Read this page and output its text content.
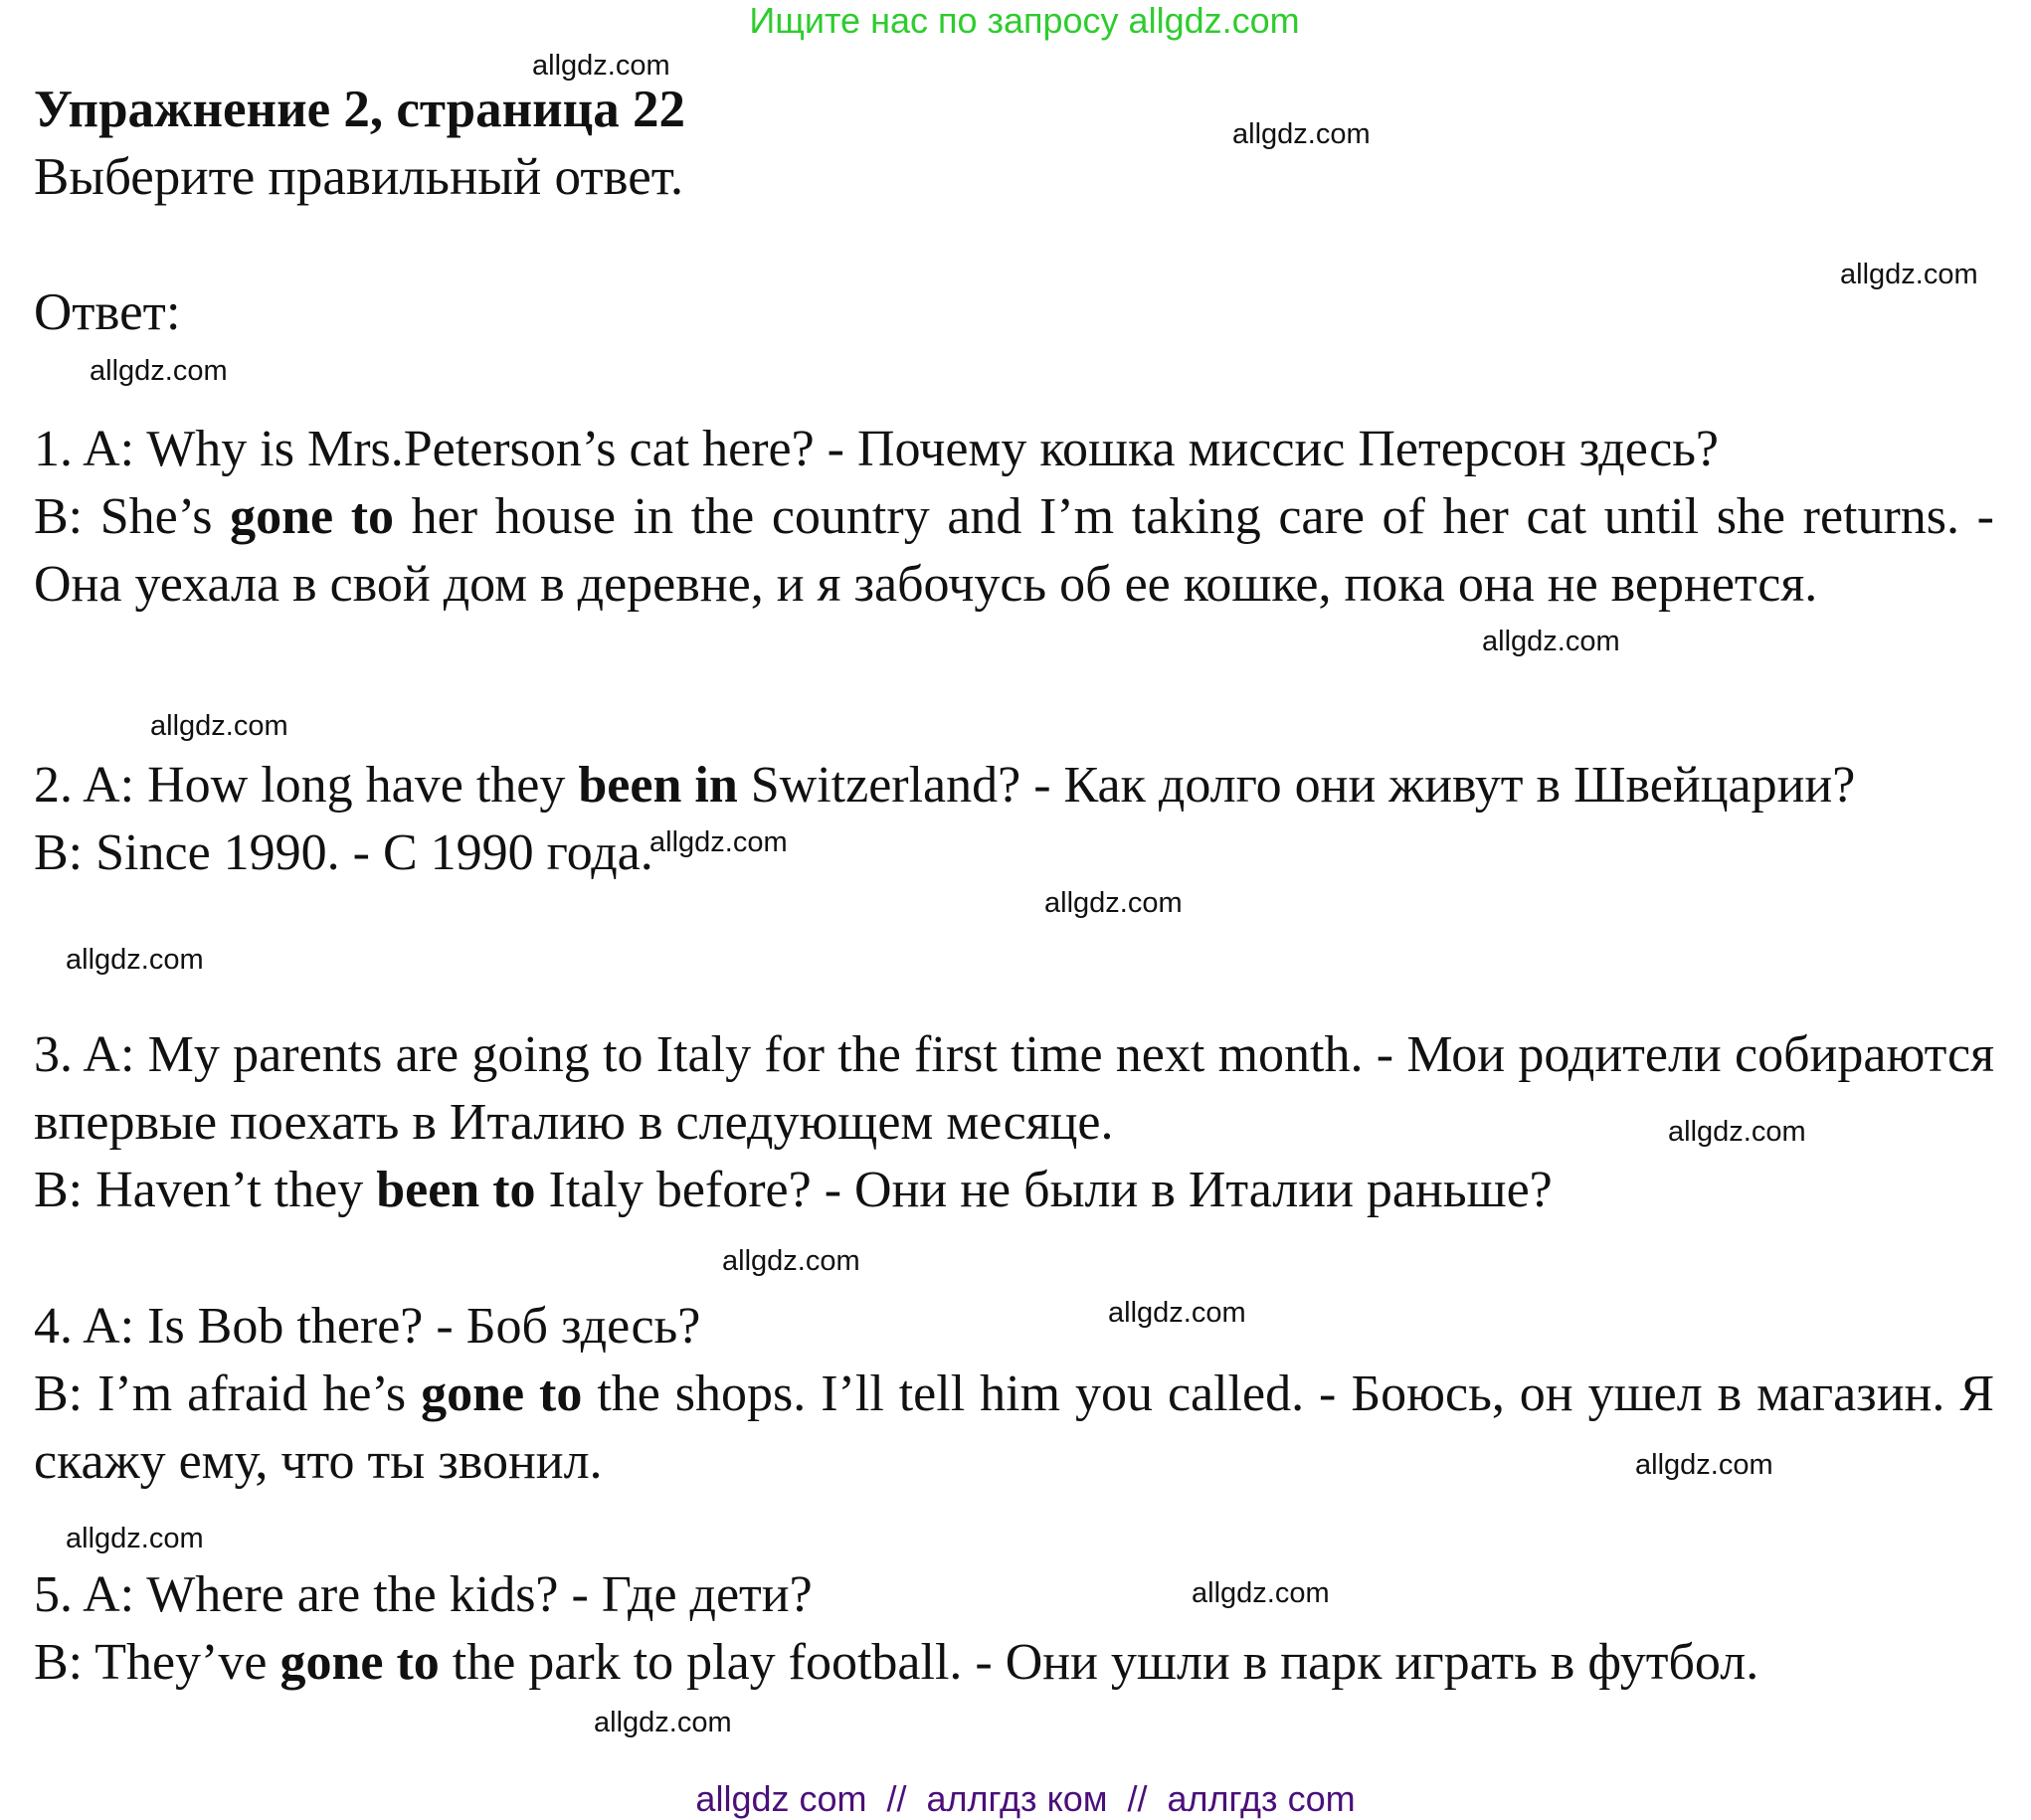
Ищите нас по запросу allgdz.com
Упражнение 2, страница 22
Выберите правильный ответ.
Ответ:

1. A: Why is Mrs.Peterson’s cat here? - Почему кошка миссис Петерсон здесь?

B: She’s gone to her house in the country and I’m taking care of her cat until she returns. - Она уехала в свой дом в деревне, и я забочусь об ее кошке, пока она не вернется.

2. A: How long have they been in Switzerland? - Как долго они живут в Швейцарии?

B: Since 1990. - С 1990 года.

3. A: My parents are going to Italy for the first time next month. - Мои родители собираются впервые поехать в Италию в следующем месяце.

B: Haven’t they been to Italy before? - Они не были в Италии раньше?

4. A: Is Bob there? - Боб здесь?

B: I’m afraid he’s gone to the shops. I’ll tell him you called. - Боюсь, он ушел в магазин. Я скажу ему, что ты звонил.

5. A: Where are the kids? - Где дети?

B: They’ve gone to the park to play football. - Они ушли в парк играть в футбол.

allgdz.com
allgdz.com
allgdz.com
allgdz.com
allgdz.com
allgdz.com
allgdz.com
allgdz.com
allgdz.com
allgdz.com
allgdz.com
allgdz.com
allgdz.com
allgdz.com
allgdz.com
allgdz.com
allgdz com  //  аллгдз ком  //  аллгдз com
